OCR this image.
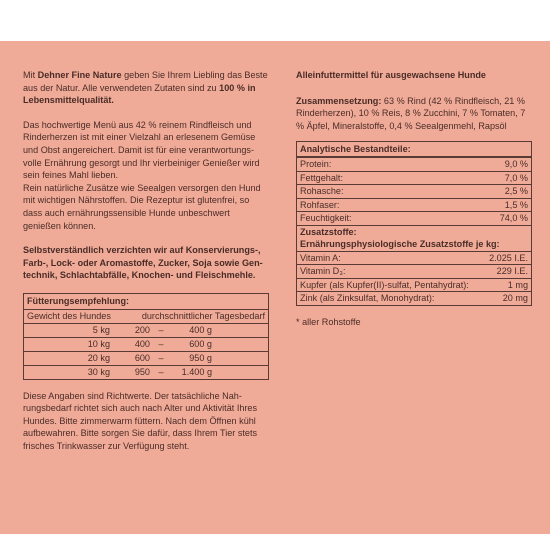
Mit Dehner Fine Nature geben Sie Ihrem Liebling das Beste aus der Natur. Alle verwendeten Zutaten sind zu 100 % in Lebensmittelqualität.

Das hochwertige Menü aus 42 % reinem Rindfleisch und Rinderherzen ist mit einer Vielzahl an erlesenem Gemüse und Obst angereichert. Damit ist für eine verantwortungs-volle Ernährung gesorgt und Ihr vierbeiniger Genießer wird sein feines Mahl lieben.

Rein natürliche Zusätze wie Seealgen versorgen den Hund mit wichtigen Nährstoffen. Die Rezeptur ist glutenfrei, so dass auch ernährungssensible Hunde unbeschwert genießen können.

Selbstverständlich verzichten wir auf Konservierungs-, Farb-, Lock- oder Aromastoffe, Zucker, Soja sowie Gen-technik, Schlachtabfälle, Knochen- und Fleischmehle.

Fütterungsempfehlung:
Gewicht des Hundes	durchschnittlicher Tagesbedarf
5 kg	200 –	400 g
10 kg	400 –	600 g
20 kg	600 –	950 g
30 kg	950 –	1.400 g

Diese Angaben sind Richtwerte. Der tatsächliche Nah-rungsbedarf richtet sich auch nach Alter und Aktivität Ihres Hundes. Bitte zimmerwarm füttern. Nach dem Öffnen kühl aufbewahren. Bitte sorgen Sie dafür, dass Ihrem Tier stets frisches Trinkwasser zur Verfügung steht.

Alleinfuttermittel für ausgewachsene Hunde

Zusammensetzung: 63 % Rind (42 % Rindfleisch, 21 % Rinderherzen), 10 % Reis, 8 % Zucchini, 7 % Tomaten, 7 % Äpfel, Mineralstoffe, 0,4 % Seealgenmehl, Rapsöl

Analytische Bestandteile:
Protein:	9,0 %
Fettgehalt:	7,0 %
Rohasche:	2,5 %
Rohfaser:	1,5 %
Feuchtigkeit:	74,0 %
Zusatzstoffe:
Ernährungsphysiologische Zusatzstoffe je kg:
Vitamin A:	2.025 I.E.
Vitamin D₃:	229 I.E.
Kupfer (als Kupfer(II)-sulfat, Pentahydrat):	1 mg
Zink (als Zinksulfat, Monohydrat):	20 mg

* aller Rohstoffe
